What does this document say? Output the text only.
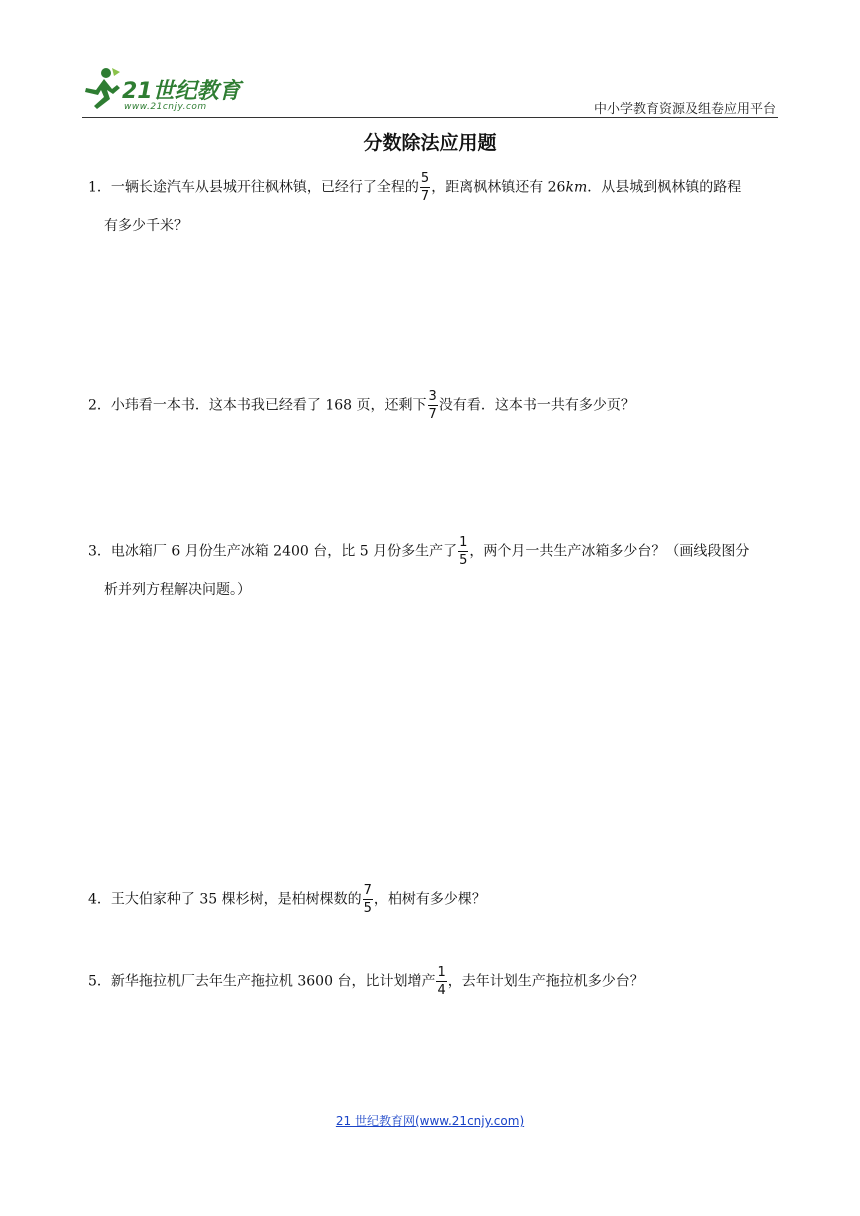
21世纪教育
www.21cnjy.com	中小学教育资源及组卷应用平台
分数除法应用题
1．一辆长途汽车从县城开往枫林镇，已经行了全程的 $\frac{5}{7}$ ，距离枫林镇还有 26km．从县城到枫林镇的路程
有多少千米？
2．小玮看一本书．这本书我已经看了 168 页，还剩下 $\frac{3}{7}$ 没有看．这本书一共有多少页？
3．电冰箱厂 6 月份生产冰箱 2400 台，比 5 月份多生产了 $\frac{1}{5}$ ，两个月一共生产冰箱多少台？（画线段图分
析并列方程解决问题。）
4．王大伯家种了 35 棵杉树，是柏树棵数的 $\frac{7}{5}$ ，柏树有多少棵？
5．新华拖拉机厂去年生产拖拉机 3600 台，比计划增产 $\frac{1}{4}$ ，去年计划生产拖拉机多少台？
21 世纪教育网(www.21cnjy.com)
